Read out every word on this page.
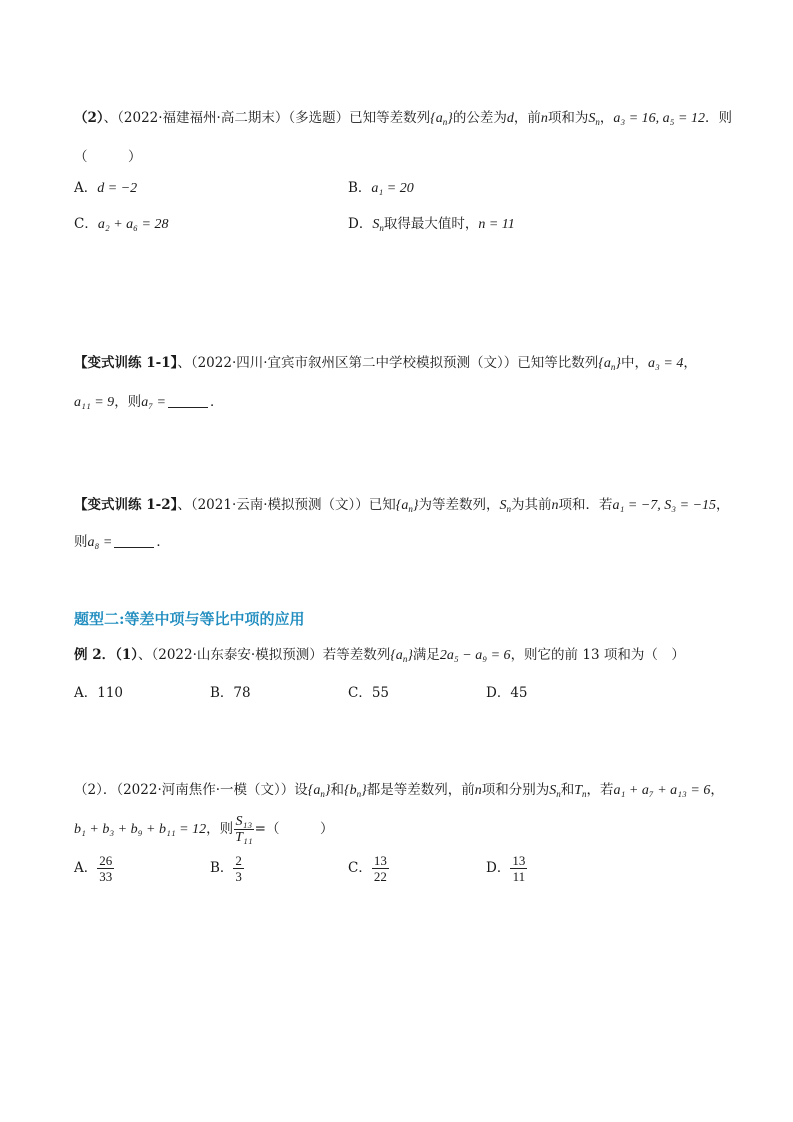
（2）、（2022·福建福州·高二期末）（多选题）已知等差数列$\{a_n\}$的公差为d，前n项和为$S_n$，a₃ = 16, a₅ = 12．则
（　　　）
A．d = −2	B．a₁ = 20
C．a₂ + a₆ = 28	D．$S_n$取得最大值时，n = 11
【变式训练 1-1】、（2022·四川·宜宾市叙州区第二中学校模拟预测（文））已知等比数列$\{a_n\}$中，a₃ = 4，
a₁₁ = 9，则a₇ =	．
【变式训练 1-2】、（2021·云南·模拟预测（文））已知$\{a_n\}$为等差数列，$S_n$为其前n项和．若a₁ = −7, S₃ = −15，
则a₈ =	．
题型二:等差中项与等比中项的应用
例 2．（1）、（2022·山东泰安·模拟预测）若等差数列$\{a_n\}$满足2a₅ − a₉ = 6，则它的前 13 项和为（　）
A．110	B．78	C．55	D．45
（2）．（2022·河南焦作·一模（文））设$\{a_n\}$和$\{b_n\}$都是等差数列，前n项和分别为$S_n$和$T_n$，若a₁ + a₇ + a₁₃ = 6，
b₁ + b₃ + b₉ + b₁₁ = 12，则 $\frac{\text{S₁₃}}{\text{T₁₁}}$ =（　　　）
A． $\frac{26}{33}$	B． $\frac{2}{3}$	C． $\frac{13}{22}$	D． $\frac{13}{11}$
